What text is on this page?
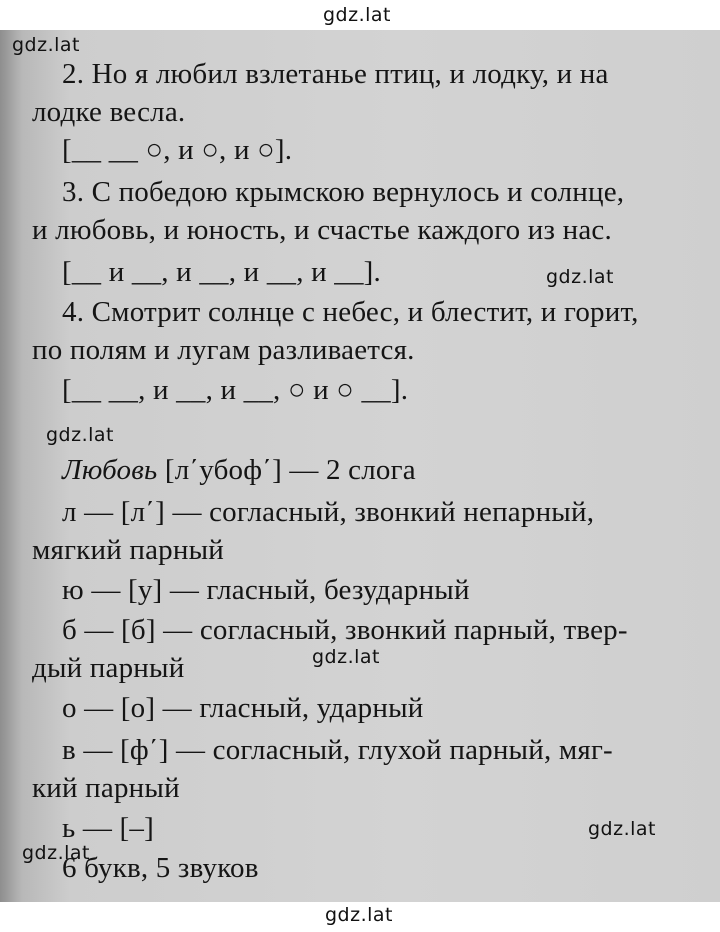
2. Но я любил взлетанье птиц, и лодку, и на
лодке весла.
[__ __ ○, и ○, и ○].
3. С победою крымскою вернулось и солнце,
и любовь, и юность, и счастье каждого из нас.
[__ и __, и __, и __, и __].
4. Смотрит солнце с небес, и блестит, и горит,
по полям и лугам разливается.
[__ __, и __, и __, ○ и ○ __].
Любовь [л΄убоф΄] — 2 слога
л — [л΄] — согласный, звонкий непарный,
мягкий парный
ю — [у] — гласный, безударный
б — [б] — согласный, звонкий парный, твер-
дый парный
о — [о] — гласный, ударный
в — [ф΄] — согласный, глухой парный, мяг-
кий парный
ь — [–]
6 букв, 5 звуков
gdz.lat
gdz.lat
gdz.lat
gdz.lat
gdz.lat
gdz.lat
gdz.lat
gdz.lat
